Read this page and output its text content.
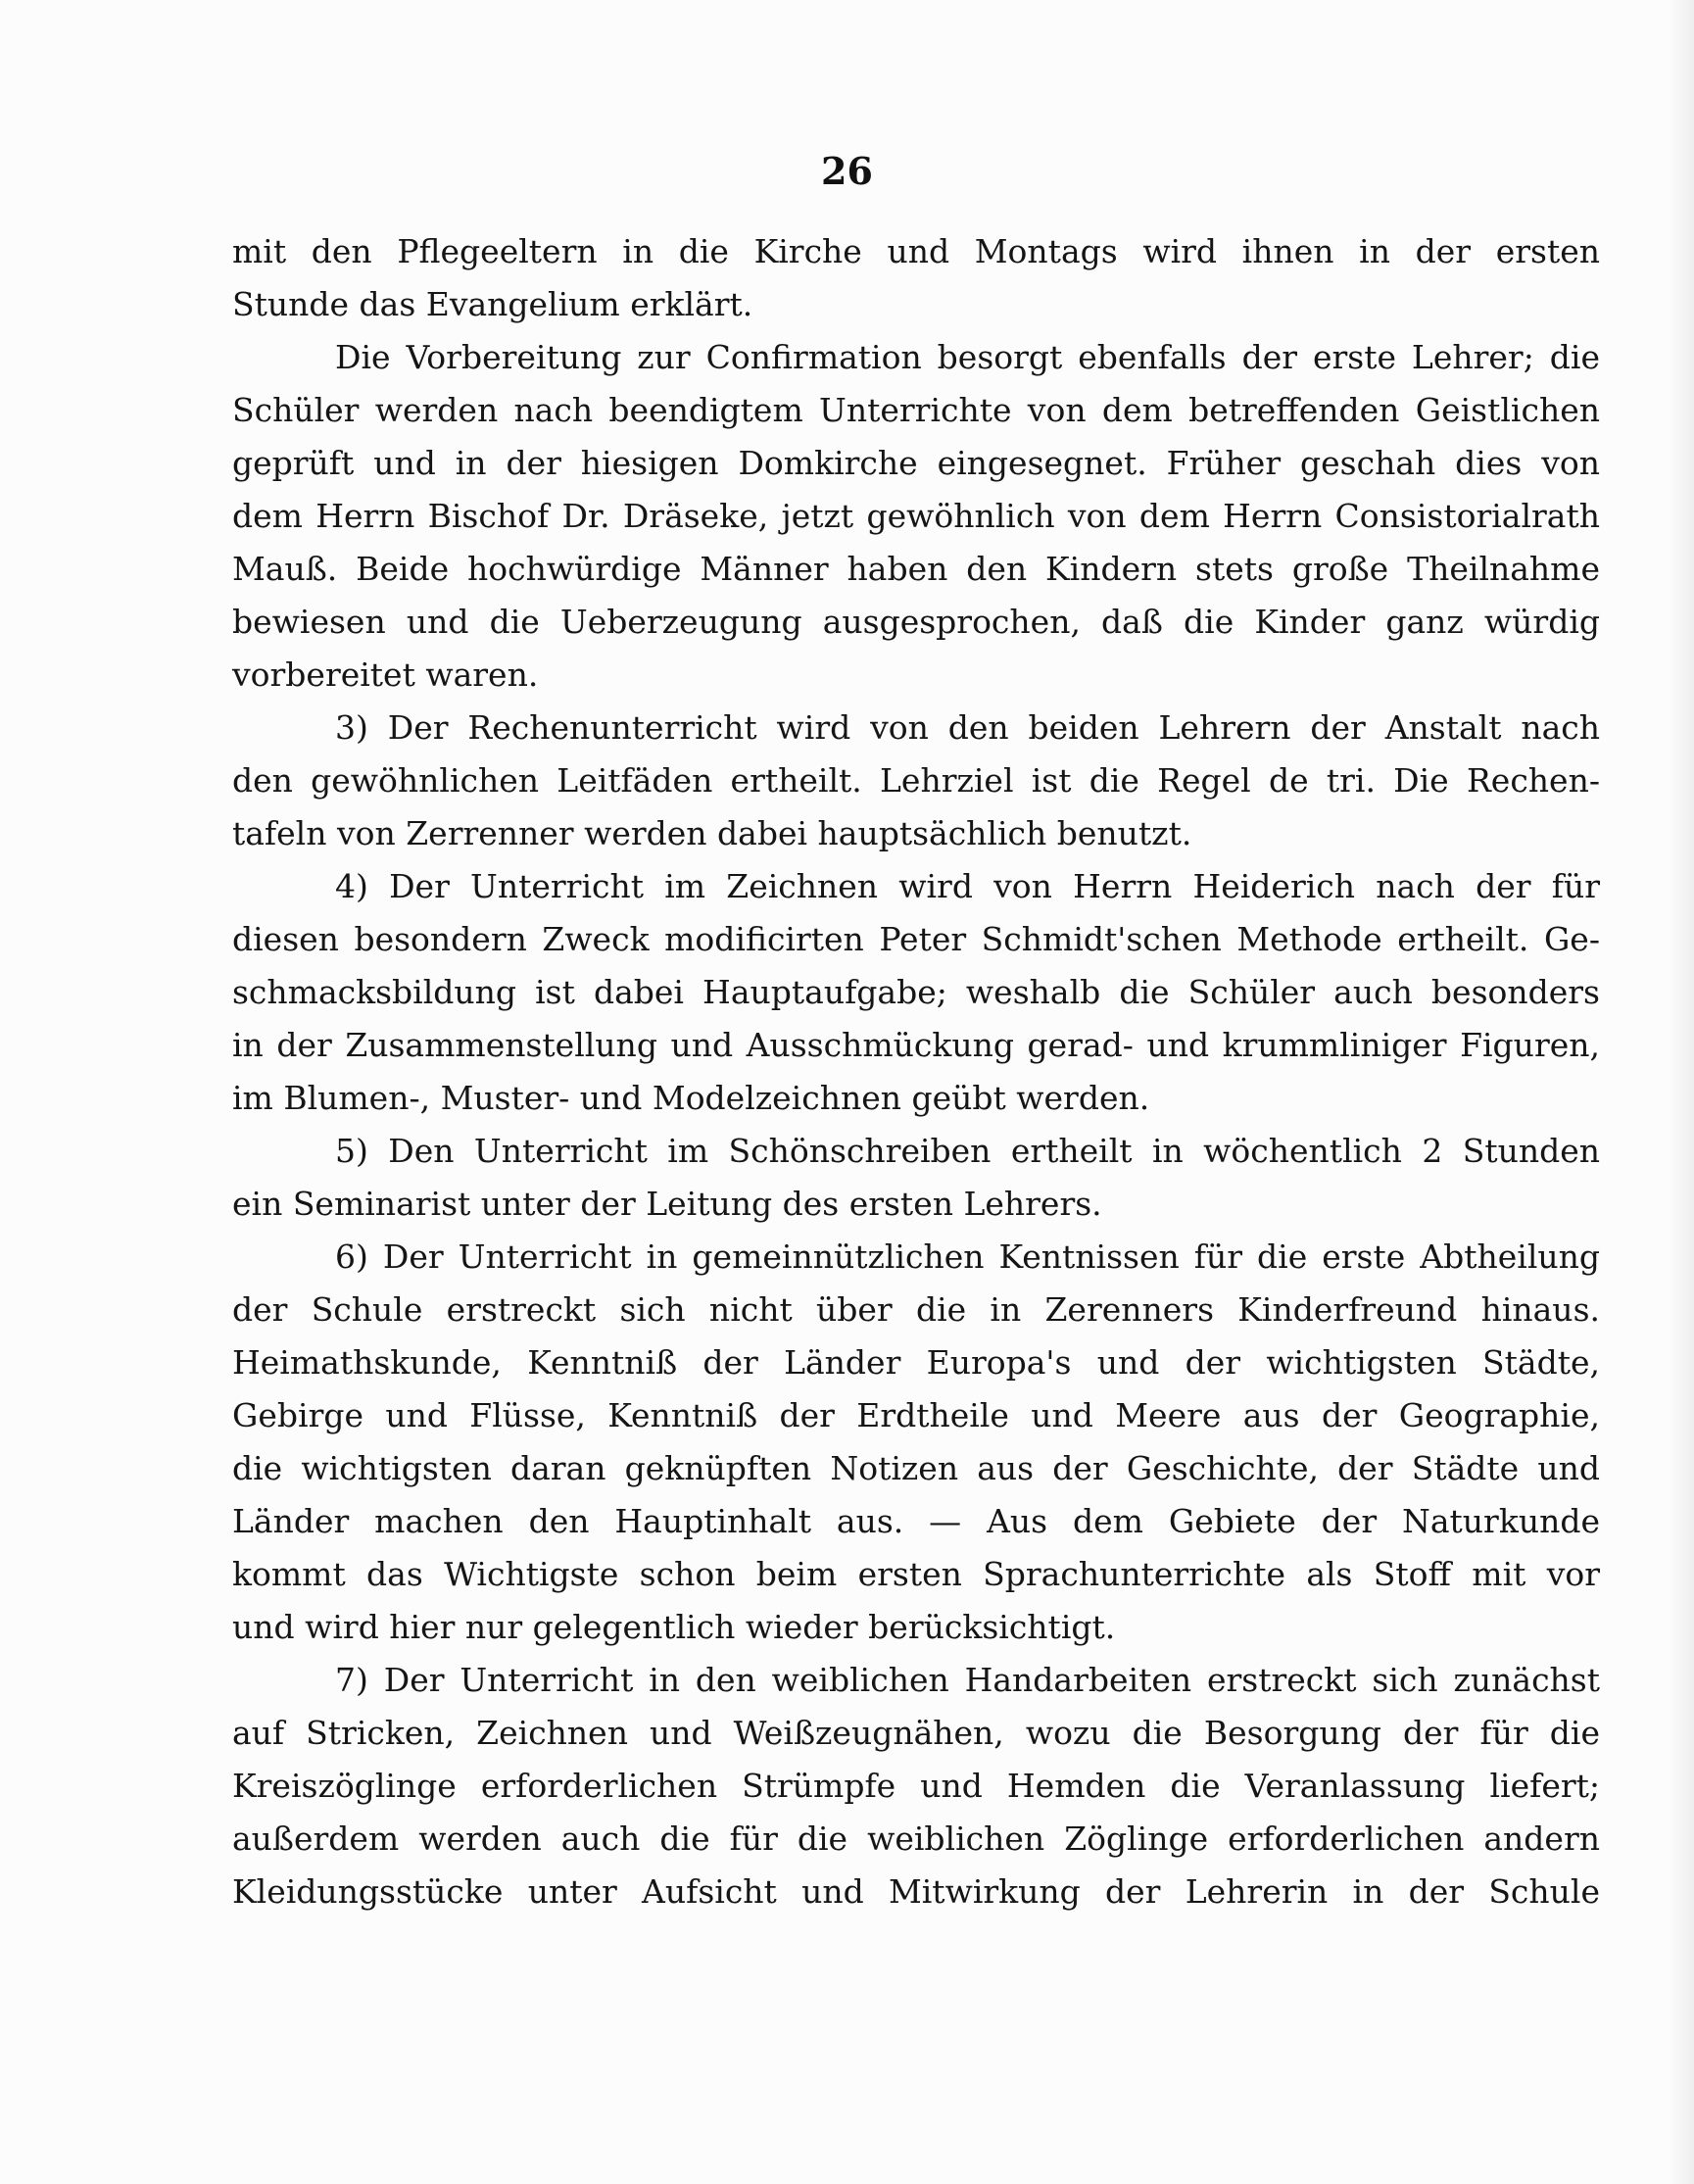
26
mit den Pflegeeltern in die Kirche und Montags wird ihnen in der ersten
Stunde das Evangelium erklärt.
Die Vorbereitung zur Confirmation besorgt ebenfalls der erste Lehrer; die
Schüler werden nach beendigtem Unterrichte von dem betreffenden Geistlichen
geprüft und in der hiesigen Domkirche eingesegnet. Früher geschah dies von
dem Herrn Bischof Dr. Dräseke, jetzt gewöhnlich von dem Herrn Consistorialrath
Mauß. Beide hochwürdige Männer haben den Kindern stets große Theilnahme
bewiesen und die Ueberzeugung ausgesprochen, daß die Kinder ganz würdig
vorbereitet waren.
3) Der Rechenunterricht wird von den beiden Lehrern der Anstalt nach
den gewöhnlichen Leitfäden ertheilt. Lehrziel ist die Regel de tri. Die Rechen-
tafeln von Zerrenner werden dabei hauptsächlich benutzt.
4) Der Unterricht im Zeichnen wird von Herrn Heiderich nach der für
diesen besondern Zweck modificirten Peter Schmidt'schen Methode ertheilt. Ge-
schmacksbildung ist dabei Hauptaufgabe; weshalb die Schüler auch besonders
in der Zusammenstellung und Ausschmückung gerad- und krummliniger Figuren,
im Blumen-, Muster- und Modelzeichnen geübt werden.
5) Den Unterricht im Schönschreiben ertheilt in wöchentlich 2 Stunden
ein Seminarist unter der Leitung des ersten Lehrers.
6) Der Unterricht in gemeinnützlichen Kentnissen für die erste Abtheilung
der Schule erstreckt sich nicht über die in Zerenners Kinderfreund hinaus.
Heimathskunde, Kenntniß der Länder Europa's und der wichtigsten Städte,
Gebirge und Flüsse, Kenntniß der Erdtheile und Meere aus der Geographie,
die wichtigsten daran geknüpften Notizen aus der Geschichte, der Städte und
Länder machen den Hauptinhalt aus. — Aus dem Gebiete der Naturkunde
kommt das Wichtigste schon beim ersten Sprachunterrichte als Stoff mit vor
und wird hier nur gelegentlich wieder berücksichtigt.
7) Der Unterricht in den weiblichen Handarbeiten erstreckt sich zunächst
auf Stricken, Zeichnen und Weißzeugnähen, wozu die Besorgung der für die
Kreiszöglinge erforderlichen Strümpfe und Hemden die Veranlassung liefert;
außerdem werden auch die für die weiblichen Zöglinge erforderlichen andern
Kleidungsstücke unter Aufsicht und Mitwirkung der Lehrerin in der Schule
